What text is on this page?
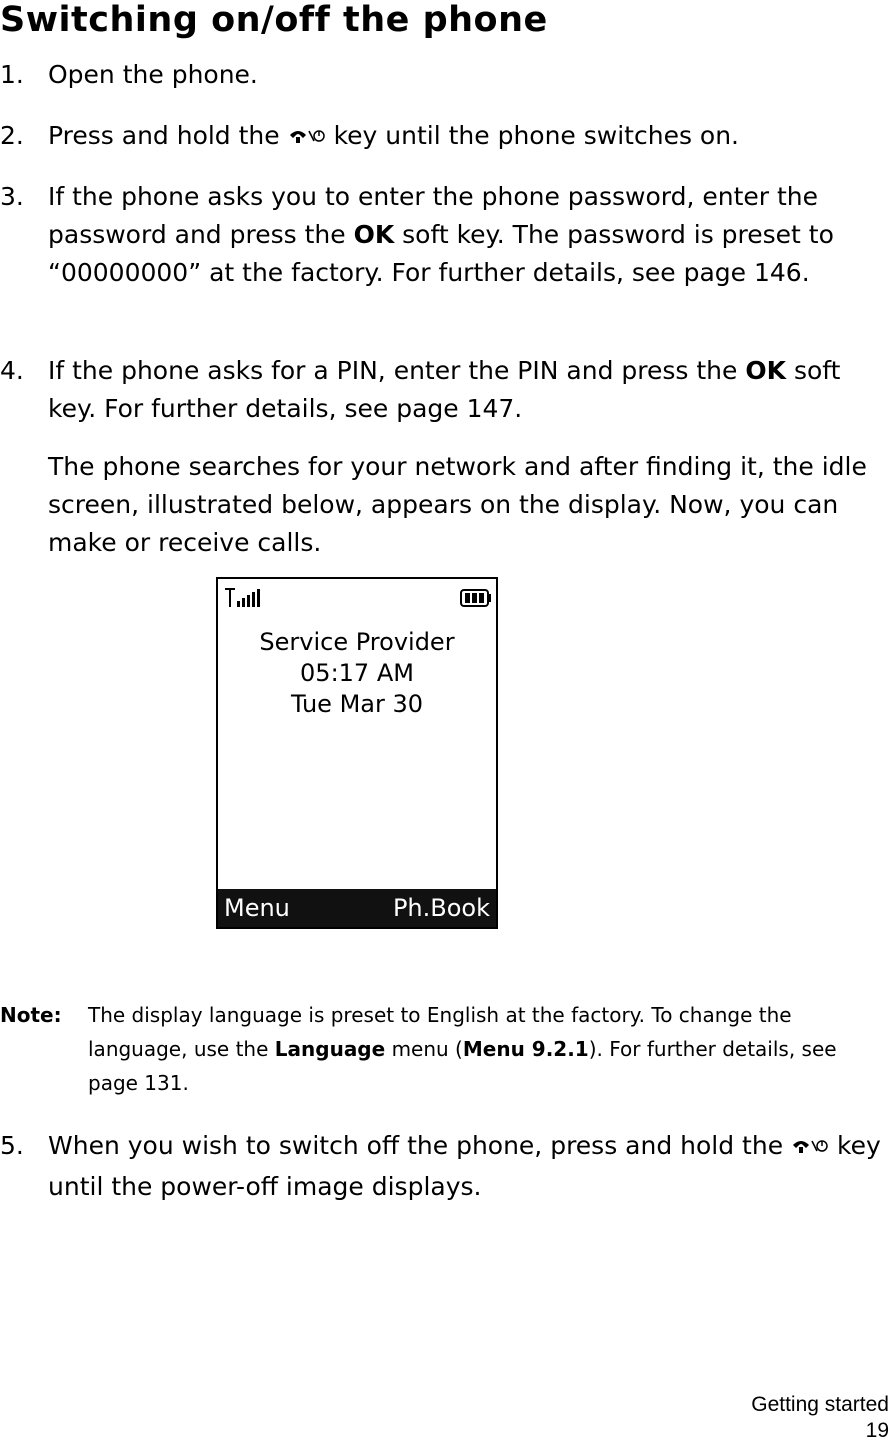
Switching on/off the phone
1. Open the phone.

2. Press and hold the key until the phone switches on.

3. If the phone asks you to enter the phone password, enter the password and press the OK soft key. The password is preset to “00000000” at the factory. For further details, see page 146.

4. If the phone asks for a PIN, enter the PIN and press the OK soft key. For further details, see page 147.

The phone searches for your network and after finding it, the idle screen, illustrated below, appears on the display. Now, you can make or receive calls.

Service Provider
05:17 AM
Tue Mar 30
Menu	Ph.Book
Note: The display language is preset to English at the factory. To change the language, use the Language menu (Menu 9.2.1). For further details, see page 131.
5. When you wish to switch off the phone, press and hold the key until the power-off image displays.

Getting started
19
